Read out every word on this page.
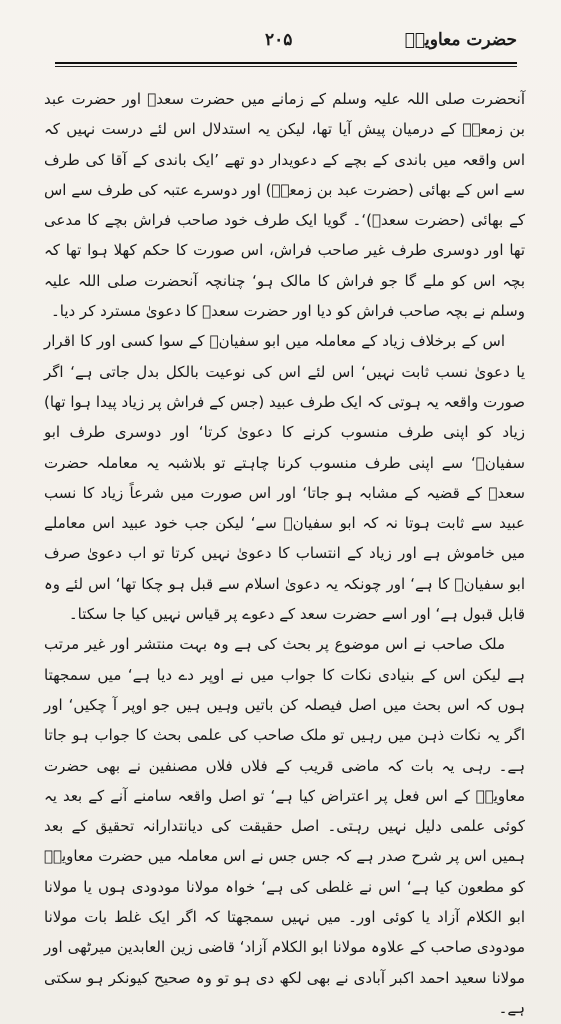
۲۰۵	حضرت معاویہؓ

آنحضرت صلی اللہ علیہ وسلم کے زمانے میں حضرت سعدؓ اور حضرت عبد بن زمعہؓ کے درمیان پیش آیا تھا، لیکن یہ استدلال اس لئے درست نہیں کہ اس واقعہ میں باندی کے بچے کے دعویدار دو تھے ’ایک باندی کے آقا کی طرف سے اس کے بھائی (حضرت عبد بن زمعہؓ) اور دوسرے عتبہ کی طرف سے اس کے بھائی (حضرت سعدؓ)‘۔ گویا ایک طرف خود صاحب فراش بچے کا مدعی تھا اور دوسری طرف غیر صاحب فراش، اس صورت کا حکم کھلا ہوا تھا کہ بچہ اس کو ملے گا جو فراش کا مالک ہو‘ چنانچہ آنحضرت صلی اللہ علیہ وسلم نے بچہ صاحب فراش کو دیا اور حضرت سعدؓ کا دعویٰ مسترد کر دیا۔

اس کے برخلاف زیاد کے معاملہ میں ابو سفیانؓ کے سوا کسی اور کا اقرار یا دعویٰ نسب ثابت نہیں‘ اس لئے اس کی نوعیت بالکل بدل جاتی ہے‘ اگر صورت واقعہ یہ ہوتی کہ ایک طرف عبید (جس کے فراش پر زیاد پیدا ہوا تھا) زیاد کو اپنی طرف منسوب کرنے کا دعویٰ کرتا‘ اور دوسری طرف ابو سفیانؓ‘ سے اپنی طرف منسوب کرنا چاہتے تو بلاشبہ یہ معاملہ حضرت سعدؓ کے قضیہ کے مشابہ ہو جاتا‘ اور اس صورت میں شرعاً زیاد کا نسب عبید سے ثابت ہوتا نہ کہ ابو سفیانؓ سے‘ لیکن جب خود عبید اس معاملے میں خاموش ہے اور زیاد کے انتساب کا دعویٰ نہیں کرتا تو اب دعویٰ صرف ابو سفیانؓ کا ہے‘ اور چونکہ یہ دعویٰ اسلام سے قبل ہو چکا تھا‘ اس لئے وہ قابل قبول ہے‘ اور اسے حضرت سعد کے دعوے پر قیاس نہیں کیا جا سکتا۔

ملک صاحب نے اس موضوع پر بحث کی ہے وہ بہت منتشر اور غیر مرتب ہے لیکن اس کے بنیادی نکات کا جواب میں نے اوپر دے دیا ہے‘ میں سمجھتا ہوں کہ اس بحث میں اصل فیصلہ کن باتیں وہیں ہیں جو اوپر آ چکیں‘ اور اگر یہ نکات ذہن میں رہیں تو ملک صاحب کی علمی بحث کا جواب ہو جاتا ہے۔ رہی یہ بات کہ ماضی قریب کے فلاں فلاں مصنفین نے بھی حضرت معاویہؓ کے اس فعل پر اعتراض کیا ہے‘ تو اصل واقعہ سامنے آنے کے بعد یہ کوئی علمی دلیل نہیں رہتی۔ اصل حقیقت کی دیانتدارانہ تحقیق کے بعد ہمیں اس پر شرح صدر ہے کہ جس جس نے اس معاملہ میں حضرت معاویہؓ کو مطعون کیا ہے‘ اس نے غلطی کی ہے‘ خواہ مولانا مودودی ہوں یا مولانا ابو الکلام آزاد یا کوئی اور۔ میں نہیں سمجھتا کہ اگر ایک غلط بات مولانا مودودی صاحب کے علاوہ مولانا ابو الکلام آزاد‘ قاضی زین العابدین میرٹھی اور مولانا سعید احمد اکبر آبادی نے بھی لکھ دی ہو تو وہ صحیح کیونکر ہو سکتی ہے۔
